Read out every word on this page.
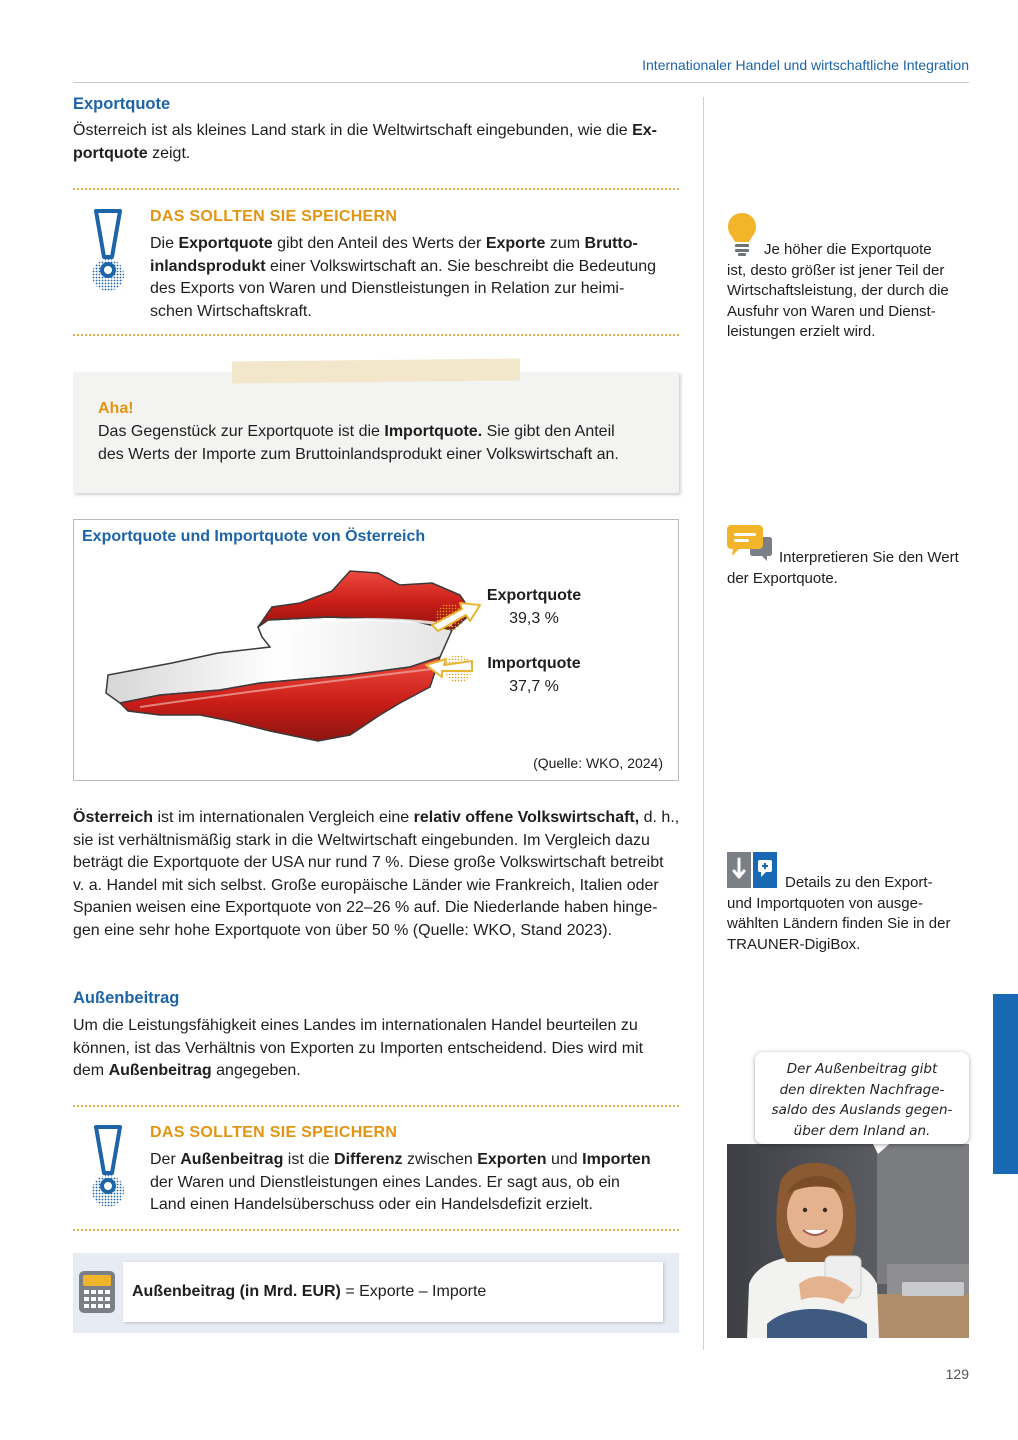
Internationaler Handel und wirtschaftliche Integration
Exportquote
Österreich ist als kleines Land stark in die Weltwirtschaft eingebunden, wie die Ex-
portquote zeigt.
DAS SOLLTEN SIE SPEICHERN
Die Exportquote gibt den Anteil des Werts der Exporte zum Brutto-
inlandsprodukt einer Volkswirtschaft an. Sie beschreibt die Bedeutung
des Exports von Waren und Dienstleistungen in Relation zur heimi-
schen Wirtschaftskraft.
Aha!
Das Gegenstück zur Exportquote ist die Importquote. Sie gibt den Anteil
des Werts der Importe zum Bruttoinlandsprodukt einer Volkswirtschaft an.
Exportquote und Importquote von Österreich
Exportquote
39,3 %
Importquote
37,7 %
(Quelle: WKO, 2024)
Österreich ist im internationalen Vergleich eine relativ offene Volkswirtschaft, d. h.,
sie ist verhältnismäßig stark in die Weltwirtschaft eingebunden. Im Vergleich dazu
beträgt die Exportquote der USA nur rund 7 %. Diese große Volkswirtschaft betreibt
v. a. Handel mit sich selbst. Große europäische Länder wie Frankreich, Italien oder
Spanien weisen eine Exportquote von 22–26 % auf. Die Niederlande haben hinge-
gen eine sehr hohe Exportquote von über 50 % (Quelle: WKO, Stand 2023).
Außenbeitrag
Um die Leistungsfähigkeit eines Landes im internationalen Handel beurteilen zu
können, ist das Verhältnis von Exporten zu Importen entscheidend. Dies wird mit
dem Außenbeitrag angegeben.
DAS SOLLTEN SIE SPEICHERN
Der Außenbeitrag ist die Differenz zwischen Exporten und Importen
der Waren und Dienstleistungen eines Landes. Er sagt aus, ob ein
Land einen Handelsüberschuss oder ein Handelsdefizit erzielt.
Außenbeitrag (in Mrd. EUR) = Exporte – Importe
Je höher die Exportquote
ist, desto größer ist jener Teil der
Wirtschaftsleistung, der durch die
Ausfuhr von Waren und Dienst-
leistungen erzielt wird.
Interpretieren Sie den Wert
der Exportquote.
Details zu den Export-
und Importquoten von ausge-
wählten Ländern finden Sie in der
TRAUNER-DigiBox.
Der Außenbeitrag gibt
den direkten Nachfrage-
saldo des Auslands gegen-
über dem Inland an.
129
